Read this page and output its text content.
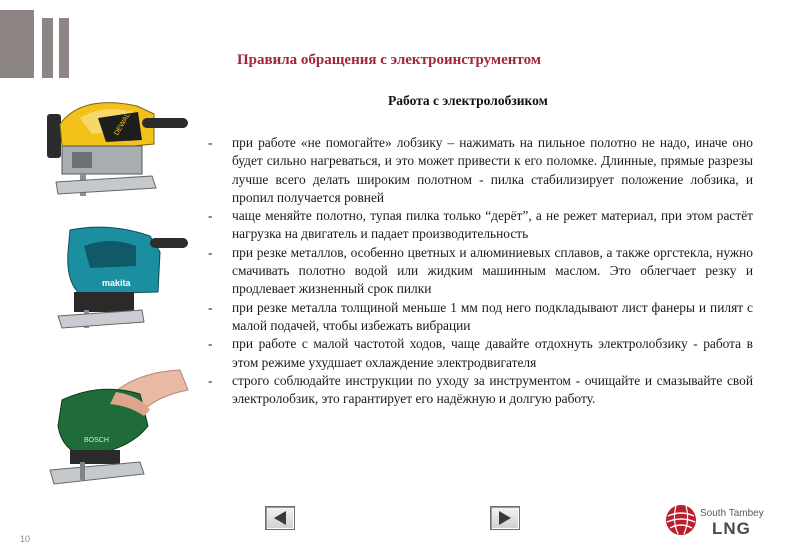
Правила обращения с электроинструментом
Работа с электролобзиком
DEWALT
makita
BOSCH
- при работе «не помогайте» лобзику – нажимать на пильное полотно не надо, иначе оно будет сильно нагреваться, и это может привести к его поломке. Длинные, прямые разрезы лучше всего делать широким полотном - пилка стабилизирует положение лобзика, и пропил получается ровней
- чаще меняйте полотно, тупая пилка только “дерёт”, а не режет материал, при этом растёт нагрузка на двигатель и падает производительность
- при резке металлов, особенно цветных и алюминиевых сплавов, а также оргстекла, нужно смачивать полотно водой или жидким машинным маслом. Это облегчает резку и продлевает жизненный срок пилки
- при резке металла толщиной меньше 1 мм под него подкладывают лист фанеры и пилят с малой подачей, чтобы избежать вибрации
- при работе с малой частотой ходов, чаще давайте отдохнуть электролобзику - работа в этом режиме ухудшает охлаждение электродвигателя
- строго соблюдайте инструкции по уходу за инструментом - очищайте и смазывайте свой электролобзик, это гарантирует его надёжную и долгую работу.
10
South Tambey
LNG
